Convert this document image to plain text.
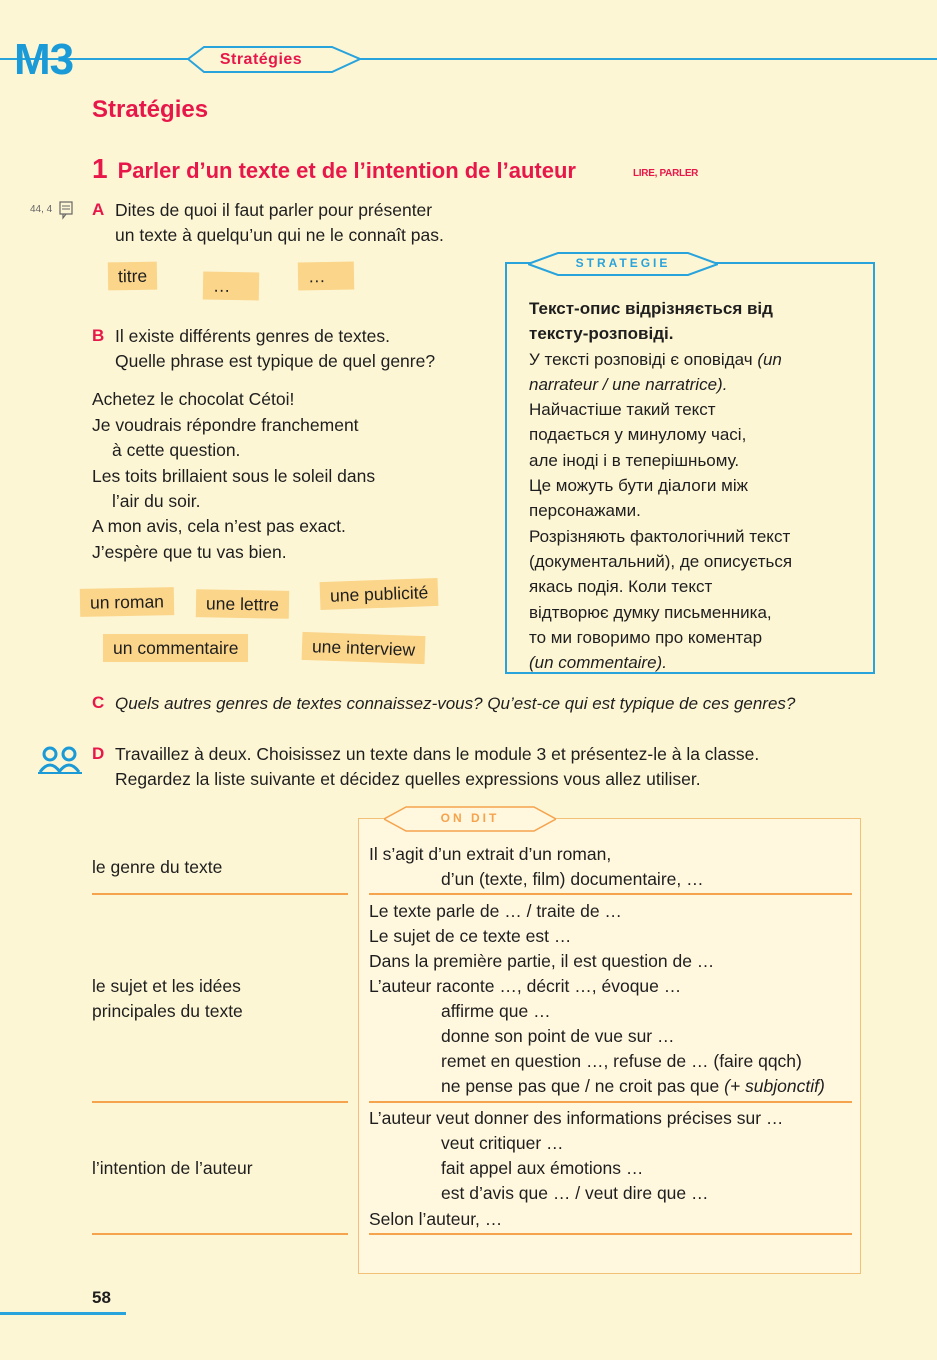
M3	Stratégies
Stratégies
1 Parler d’un texte et de l’intention de l’auteur	LIRE, PARLER
44, 4 A Dites de quoi il faut parler pour présenter
un texte à quelqu’un qui ne le connaît pas.
titre	…	…
B Il existe différents genres de textes.
Quelle phrase est typique de quel genre?
Achetez le chocolat Cétoi!
Je voudrais répondre franchement
à cette question.
Les toits brillaient sous le soleil dans
l’air du soir.
A mon avis, cela n’est pas exact.
J’espère que tu vas bien.
un roman	une lettre	une publicité
un commentaire	une interview
STRATEGIE
Текст-опис відрізняється від
тексту-розповіді.
У тексті розповіді є оповідач (un
narrateur / une narratrice).
Найчастіше такий текст
подається у минулому часі,
але іноді і в теперішньому.
Це можуть бути діалоги між
персонажами.
Розрізняють фактологічний текст
(документальний), де описується
якась подія. Коли текст
відтворює думку письменника,
то ми говоримо про коментар
(un commentaire).
C Quels autres genres de textes connaissez-vous? Qu’est-ce qui est typique de ces genres?
D Travaillez à deux. Choisissez un texte dans le module 3 et présentez-le à la classe.
Regardez la liste suivante et décidez quelles expressions vous allez utiliser.
ON DIT
le genre du texte
Il s’agit d’un extrait d’un roman,
d’un (texte, film) documentaire, …
le sujet et les idées
principales du texte
Le texte parle de … / traite de …
Le sujet de ce texte est …
Dans la première partie, il est question de …
L’auteur raconte …, décrit …, évoque …
affirme que …
donne son point de vue sur …
remet en question …, refuse de … (faire qqch)
ne pense pas que / ne croit pas que (+ subjonctif)
l’intention de l’auteur
L’auteur veut donner des informations précises sur …
veut critiquer …
fait appel aux émotions …
est d’avis que … / veut dire que …
Selon l’auteur, …
58
